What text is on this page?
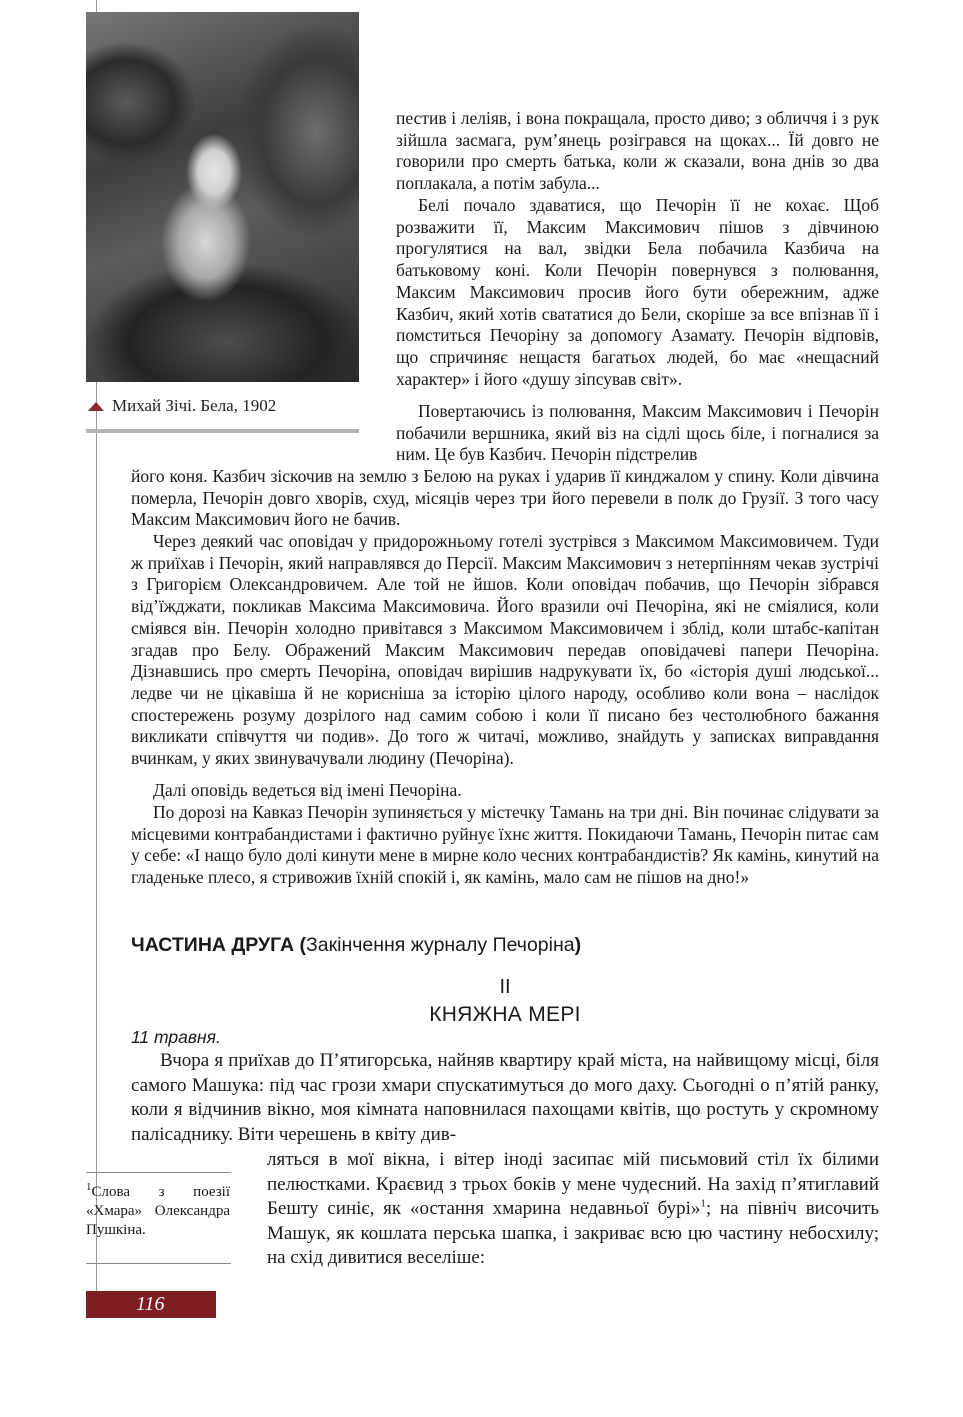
Михай Зічі. Бела, 1902

пестив і леліяв, і вона покращала, просто диво; з обличчя і з рук зійшла засмага, рум’янець розігрався на щоках... Їй довго не говорили про смерть батька, коли ж сказали, вона днів зо два поплакала, а потім забула...

Белі почало здаватися, що Печорін її не кохає. Щоб розважити її, Максим Максимович пішов з дівчиною прогулятися на вал, звідки Бела побачила Казбича на батьковому коні. Коли Печорін повернувся з полювання, Максим Максимович просив його бути обережним, адже Казбич, який хотів свататися до Бели, скоріше за все впізнав її і помститься Печоріну за допомогу Азамату. Печорін відповів, що спричиняє нещастя багатьох людей, бо має «нещасний характер» і його «душу зіпсував світ».

Повертаючись із полювання, Максим Максимович і Печорін побачили вершника, який віз на сідлі щось біле, і погналися за ним. Це був Казбич. Печорін підстрелив

його коня. Казбич зіскочив на землю з Белою на руках і ударив її кинджалом у спину. Коли дівчина померла, Печорін довго хворів, схуд, місяців через три його перевели в полк до Грузії. З того часу Максим Максимович його не бачив.

Через деякий час оповідач у придорожньому готелі зустрівся з Максимом Максимовичем. Туди ж приїхав і Печорін, який направлявся до Персії. Максим Максимович з нетерпінням чекав зустрічі з Григорієм Олександровичем. Але той не йшов. Коли оповідач побачив, що Печорін зібрався від’їжджати, покликав Максима Максимовича. Його вразили очі Печоріна, які не сміялися, коли сміявся він. Печорін холодно привітався з Максимом Максимовичем і зблід, коли штабс-капітан згадав про Белу. Ображений Максим Максимович передав оповідачеві папери Печоріна. Дізнавшись про смерть Печоріна, оповідач вирішив надрукувати їх, бо «історія душі людської... ледве чи не цікавіша й не корисніша за історію цілого народу, особливо коли вона – наслідок спостережень розуму дозрілого над самим собою і коли її писано без честолюбного бажання викликати співчуття чи подив». До того ж читачі, можливо, знайдуть у записках виправдання вчинкам, у яких звинувачували людину (Печоріна).

Далі оповідь ведеться від імені Печоріна.

По дорозі на Кавказ Печорін зупиняється у містечку Тамань на три дні. Він починає слідувати за місцевими контрабандистами і фактично руйнує їхнє життя. Покидаючи Тамань, Печорін питає сам у себе: «І нащо було долі кинути мене в мирне коло чесних контрабандистів? Як камінь, кинутий на гладеньке плесо, я стривожив їхній спокій і, як камінь, мало сам не пішов на дно!»

ЧАСТИНА ДРУГА (Закінчення журналу Печоріна)
II
КНЯЖНА МЕРІ
11 травня.

Вчора я приїхав до П’ятигорська, найняв квартиру край міста, на найвищому місці, біля самого Машука: під час грози хмари спускатимуться до мого даху. Сьогодні о п’ятій ранку, коли я відчинив вікно, моя кімната наповнилася пахощами квітів, що ростуть у скромному палісаднику. Віти черешень в квіту див-

ляться в мої вікна, і вітер іноді засипає мій письмовий стіл їх білими пелюстками. Краєвид з трьох боків у мене чудесний. На захід п’ятиглавий Бешту синіє, як «остання хмарина недавньої бурі»$^1$; на північ височить Машук, як кошлата перська шапка, і закриває всю цю частину небосхилу; на схід дивитися веселіше:

$^1$Слова з поезії «Хмара» Олександра Пушкіна.

116
